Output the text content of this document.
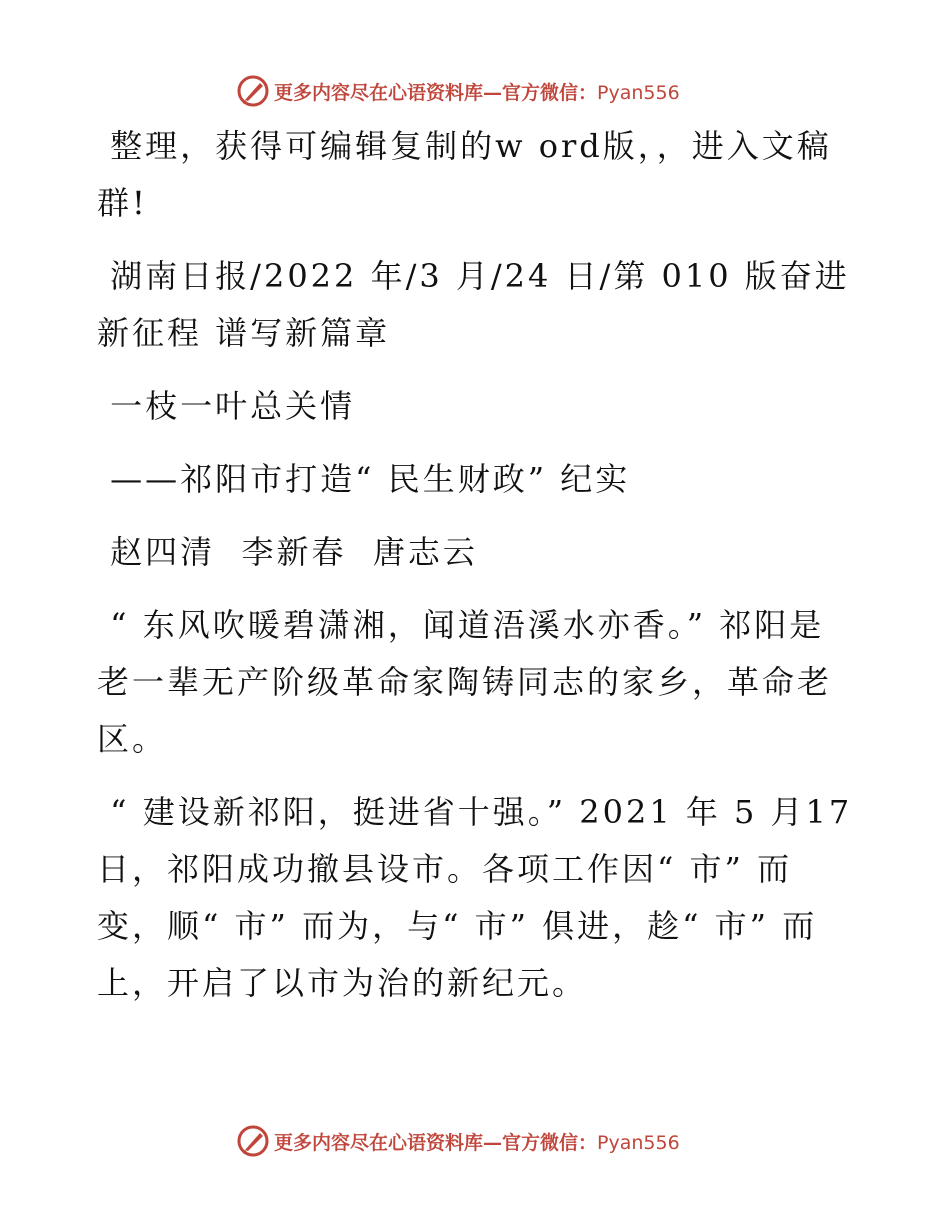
更多内容尽在心语资料库—官方微信：Pyan556

整理，获得可编辑复制的w ord版，，进入文稿群!

湖南日报/2022 年/3 月/24 日/第 010 版奋进新征程 谱写新篇章

一枝一叶总关情

——祁阳市打造“ 民生财政” 纪实

赵四清  李新春  唐志云

“ 东风吹暖碧潇湘，闻道浯溪水亦香。” 祁阳是老一辈无产阶级革命家陶铸同志的家乡，革命老区。

“ 建设新祁阳，挺进省十强。” 2021 年 5 月17 日，祁阳成功撤县设市。各项工作因“ 市” 而变，顺“ 市” 而为，与“ 市” 俱进，趁“ 市” 而上，开启了以市为治的新纪元。

更多内容尽在心语资料库—官方微信：Pyan556
